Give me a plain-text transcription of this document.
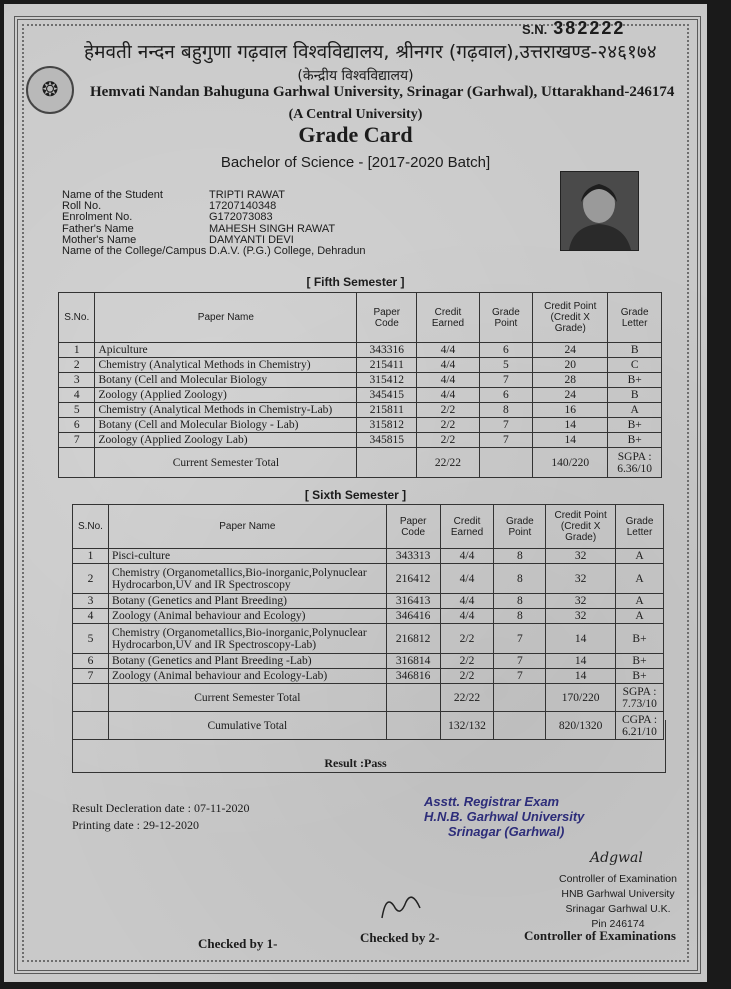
S.N. 382222
❂
हेमवती नन्दन बहुगुणा गढ़वाल विश्वविद्यालय, श्रीनगर (गढ़वाल),उत्तराखण्ड-२४६१७४
(केन्द्रीय विश्वविद्यालय)
Hemvati Nandan Bahuguna Garhwal University, Srinagar (Garhwal), Uttarakhand-246174
(A Central University)
Grade Card
Bachelor of Science - [2017-2020 Batch]
Name of the Student	TRIPTI RAWAT
Roll No.	17207140348
Enrolment No.	G172073083
Father's Name	MAHESH SINGH RAWAT
Mother's Name	DAMYANTI DEVI
Name of the College/Campus D.A.V. (P.G.) College, Dehradun
[ Fifth Semester ]
S.No.	Paper Name	Paper Code	Credit Earned	Grade Point	Credit Point (Credit X Grade)	Grade Letter
1	Apiculture	343316	4/4	6	24	B
2	Chemistry (Analytical Methods in Chemistry)	215411	4/4	5	20	C
3	Botany (Cell and Molecular Biology	315412	4/4	7	28	B+
4	Zoology (Applied Zoology)	345415	4/4	6	24	B
5	Chemistry (Analytical Methods in Chemistry-Lab)	215811	2/2	8	16	A
6	Botany (Cell and Molecular Biology - Lab)	315812	2/2	7	14	B+
7	Zoology (Applied Zoology Lab)	345815	2/2	7	14	B+
	Current Semester Total		22/22		140/220	SGPA :
6.36/10
[ Sixth Semester ]
S.No.	Paper Name	Paper Code	Credit Earned	Grade Point	Credit Point (Credit X Grade)	Grade Letter
1	Pisci-culture	343313	4/4	8	32	A
2	Chemistry (Organometallics,Bio-inorganic,Polynuclear
Hydrocarbon,UV and IR Spectroscopy	216412	4/4	8	32	A
3	Botany (Genetics and Plant Breeding)	316413	4/4	8	32	A
4	Zoology (Animal behaviour and Ecology)	346416	4/4	8	32	A
5	Chemistry (Organometallics,Bio-inorganic,Polynuclear
Hydrocarbon,UV and IR Spectroscopy-Lab)	216812	2/2	7	14	B+
6	Botany (Genetics and Plant Breeding -Lab)	316814	2/2	7	14	B+
7	Zoology (Animal behaviour and Ecology-Lab)	346816	2/2	7	14	B+
	Current Semester Total		22/22		170/220	SGPA :
7.73/10
	Cumulative Total		132/132		820/1320	CGPA :
6.21/10
Result :Pass
Result Decleration date : 07-11-2020
Printing date : 29-12-2020
Asstt. Registrar Exam
H.N.B. Garhwal University
Srinagar (Garhwal)
Adgwal
Controller of Examination
HNB Garhwal University
Srinagar Garhwal U.K.
Pin 246174
Checked by 1-	Checked by 2-	Controller of Examinations
